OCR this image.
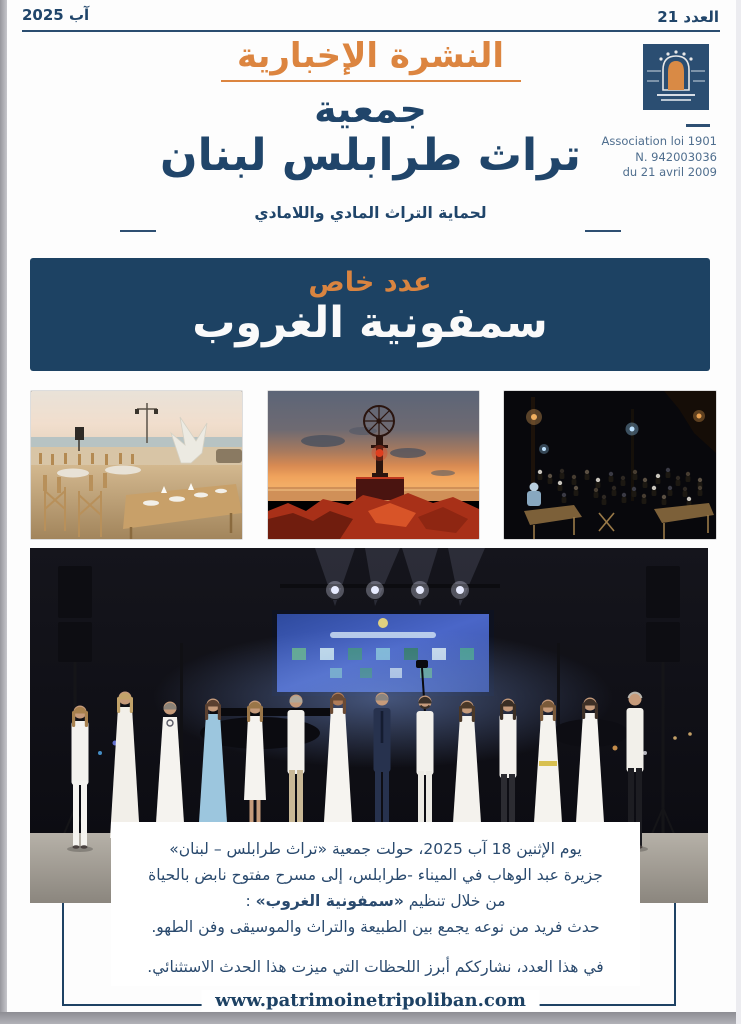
آب 2025	العدد 21
النشرة الإخبارية
جمعية
تراث طرابلس لبنان
لحماية التراث المادي واللامادي
Association loi 1901
N. 942003036
du 21 avril 2009
عدد خاص
سمفونية الغروب
يوم الإثنين 18 آب 2025، حولت جمعية «تراث طرابلس – لبنان»
جزيرة عبد الوهاب في الميناء -طرابلس، إلى مسرح مفتوح نابض بالحياة
من خلال تنظيم «سمفونية الغروب» :
حدث فريد من نوعه يجمع بين الطبيعة والتراث والموسيقى وفن الطهو.
في هذا العدد، نشارككم أبرز اللحظات التي ميزت هذا الحدث الاستثنائي.
www.patrimoinetripoliban.com
